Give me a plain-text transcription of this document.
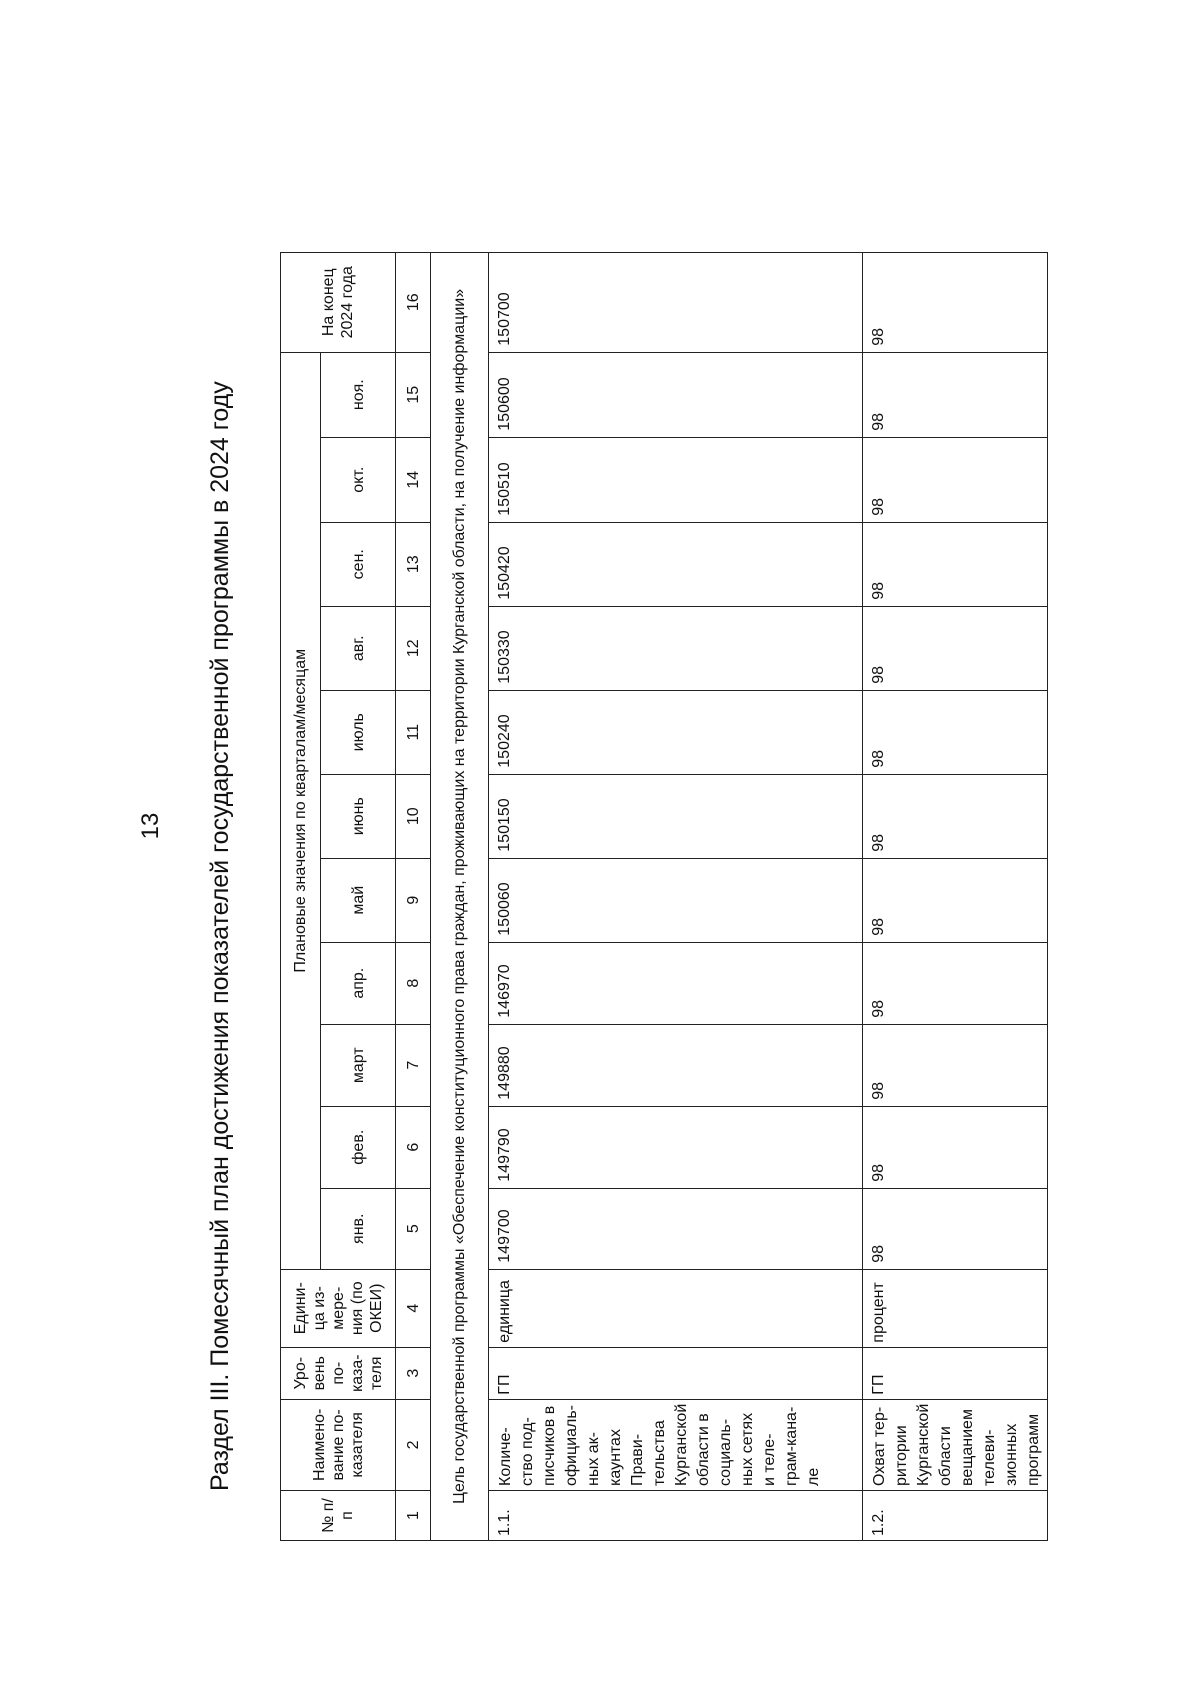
13 Раздел III. Помесячный план достижения показателей государственной программы в 2024 году
№ п/п	Наимено-вание по-казателя	Уро-вень по-каза-теля	Едини-ца из-мере-ния (по ОКЕИ)	Плановые значения по кварталам/месяцам											На конец 2024 года
				янв.	фев.	март	апр.	май	июнь	июль	авг.	сен.	окт.	ноя.	
1	2	3	4	5	6	7	8	9	10	11	12	13	14	15	16
Цель государственной программы «Обеспечение конституционного права граждан, проживающих на территории Курганской области, на получение информации»															
1.1.	Количе-ство под-писчиков в официаль-ных ак-каунтах Прави-тельства Курганской области в социаль-ных сетях и теле-грам-кана-ле	ГП	единица	149700	149790	149880	146970	150060	150150	150240	150330	150420	150510	150600	150700
1.2.	Охват тер-ритории Курганской области вещанием телеви-зионных программ	ГП	процент	98	98	98	98	98	98	98	98	98	98	98	98
